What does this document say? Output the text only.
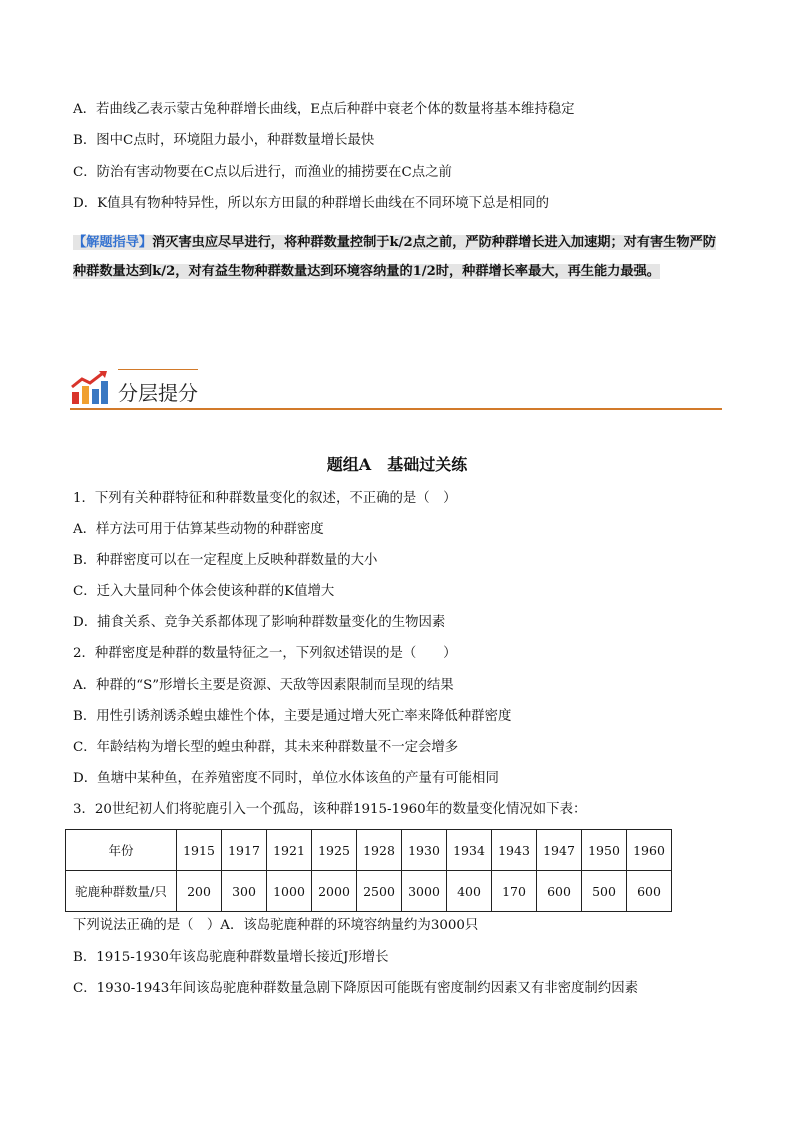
A．若曲线乙表示蒙古兔种群增长曲线，E点后种群中衰老个体的数量将基本维持稳定
B．图中C点时，环境阻力最小，种群数量增长最快
C．防治有害动物要在C点以后进行，而渔业的捕捞要在C点之前
D．K值具有物种特异性，所以东方田鼠的种群增长曲线在不同环境下总是相同的
【解题指导】消灭害虫应尽早进行，将种群数量控制于k/2点之前，严防种群增长进入加速期；对有害生物严防种群数量达到k/2，对有益生物种群数量达到环境容纳量的1/2时，种群增长率最大，再生能力最强。
分层提分
题组A　基础过关练
1．下列有关种群特征和种群数量变化的叙述，不正确的是（　）
A．样方法可用于估算某些动物的种群密度
B．种群密度可以在一定程度上反映种群数量的大小
C．迁入大量同种个体会使该种群的K值增大
D．捕食关系、竞争关系都体现了影响种群数量变化的生物因素
2．种群密度是种群的数量特征之一，下列叙述错误的是（　　）
A．种群的“S”形增长主要是资源、天敌等因素限制而呈现的结果
B．用性引诱剂诱杀蝗虫雄性个体，主要是通过增大死亡率来降低种群密度
C．年龄结构为增长型的蝗虫种群，其未来种群数量不一定会增多
D．鱼塘中某种鱼，在养殖密度不同时，单位水体该鱼的产量有可能相同
3．20世纪初人们将驼鹿引入一个孤岛，该种群1915-1960年的数量变化情况如下表：
年份	1915	1917	1921	1925	1928	1930	1934	1943	1947	1950	1960
驼鹿种群数量/只	200	300	1000	2000	2500	3000	400	170	600	500	600
下列说法正确的是（　）A．该岛驼鹿种群的环境容纳量约为3000只
B．1915-1930年该岛驼鹿种群数量增长接近J形增长
C．1930-1943年间该岛驼鹿种群数量急剧下降原因可能既有密度制约因素又有非密度制约因素
